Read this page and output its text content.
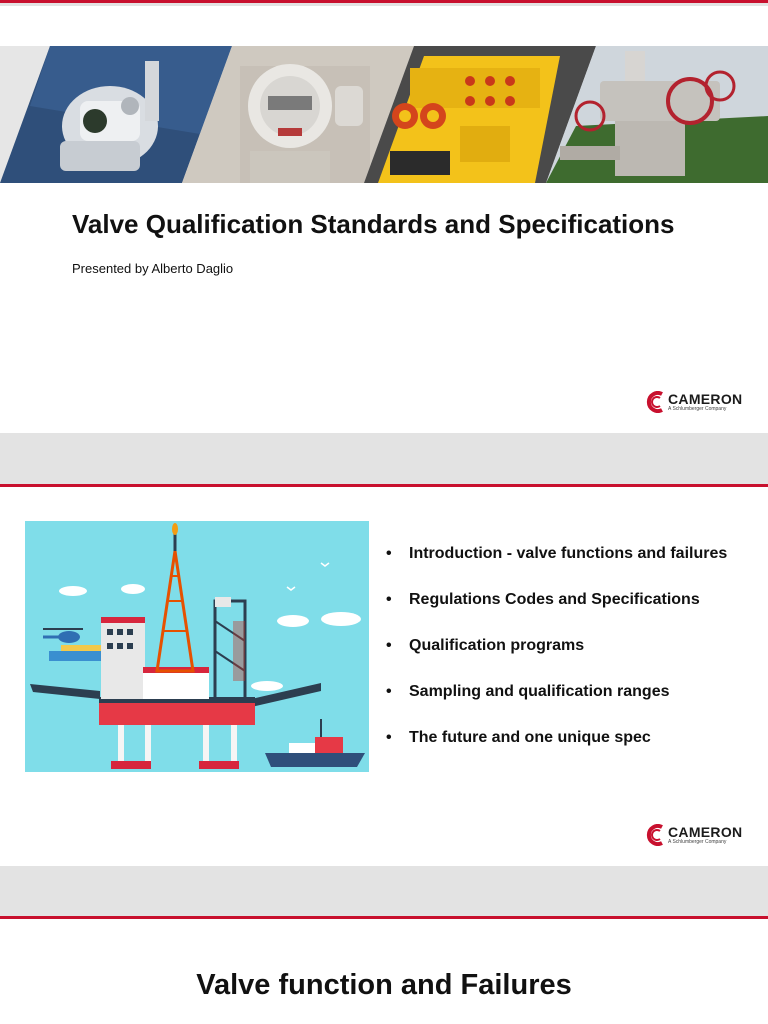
Valve Qualification Standards and Specifications
Presented by Alberto Daglio
CAMERON
A Schlumberger Company
• Introduction - valve functions and failures
• Regulations Codes and Specifications
• Qualification programs
• Sampling and qualification ranges
• The future and one unique spec
CAMERON
A Schlumberger Company
Valve function and Failures
